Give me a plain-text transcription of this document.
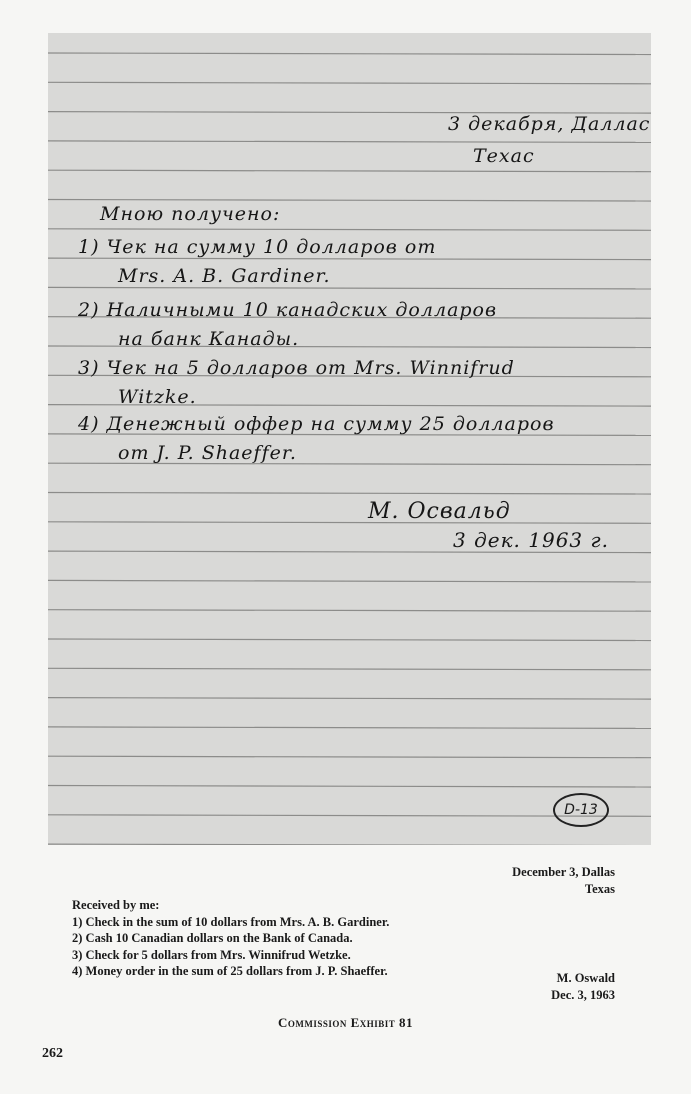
3 декабря, Даллас
Техас
Мною получено:
1) Чек на сумму 10 долларов от
Mrs. A. B. Gardiner.
2) Наличными 10 канадских долларов
на банк Канады.
3) Чек на 5 долларов от Mrs. Winnifrud
Witzke.
4) Денежный оффер на сумму 25 долларов
от J. P. Shaeffer.
М. Освальд
3 дек. 1963 г.
D-13
December 3, Dallas
Texas
Received by me:
1) Check in the sum of 10 dollars from Mrs. A. B. Gardiner.
2) Cash 10 Canadian dollars on the Bank of Canada.
3) Check for 5 dollars from Mrs. Winnifrud Wetzke.
4) Money order in the sum of 25 dollars from J. P. Shaeffer.	M. Oswald
Dec. 3, 1963
Commission Exhibit 81
262
